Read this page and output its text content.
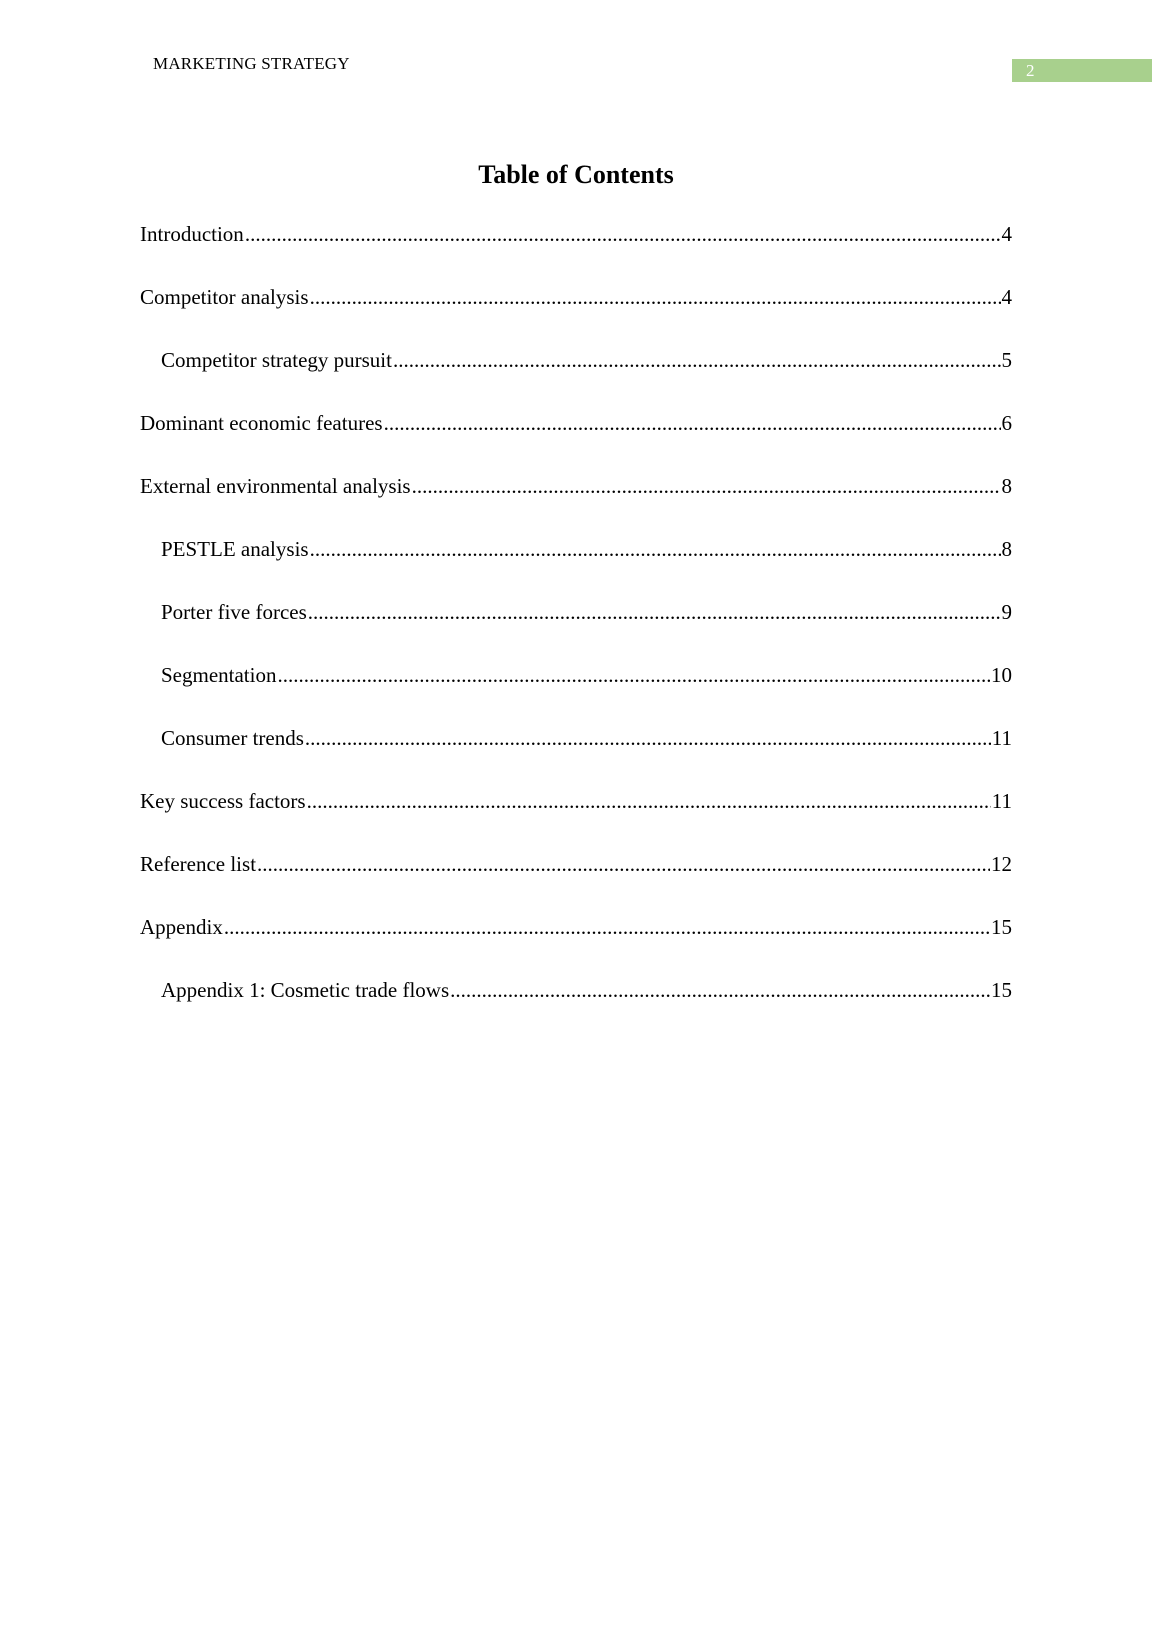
MARKETING STRATEGY	2
Table of Contents
Introduction .....	4
Competitor analysis .....	4
Competitor strategy pursuit .....	5
Dominant economic features .....	6
External environmental analysis .....	8
PESTLE analysis .....	8
Porter five forces .....	9
Segmentation .....	10
Consumer trends .....	11
Key success factors .....	11
Reference list .....	12
Appendix .....	15
Appendix 1: Cosmetic trade flows .....	15
